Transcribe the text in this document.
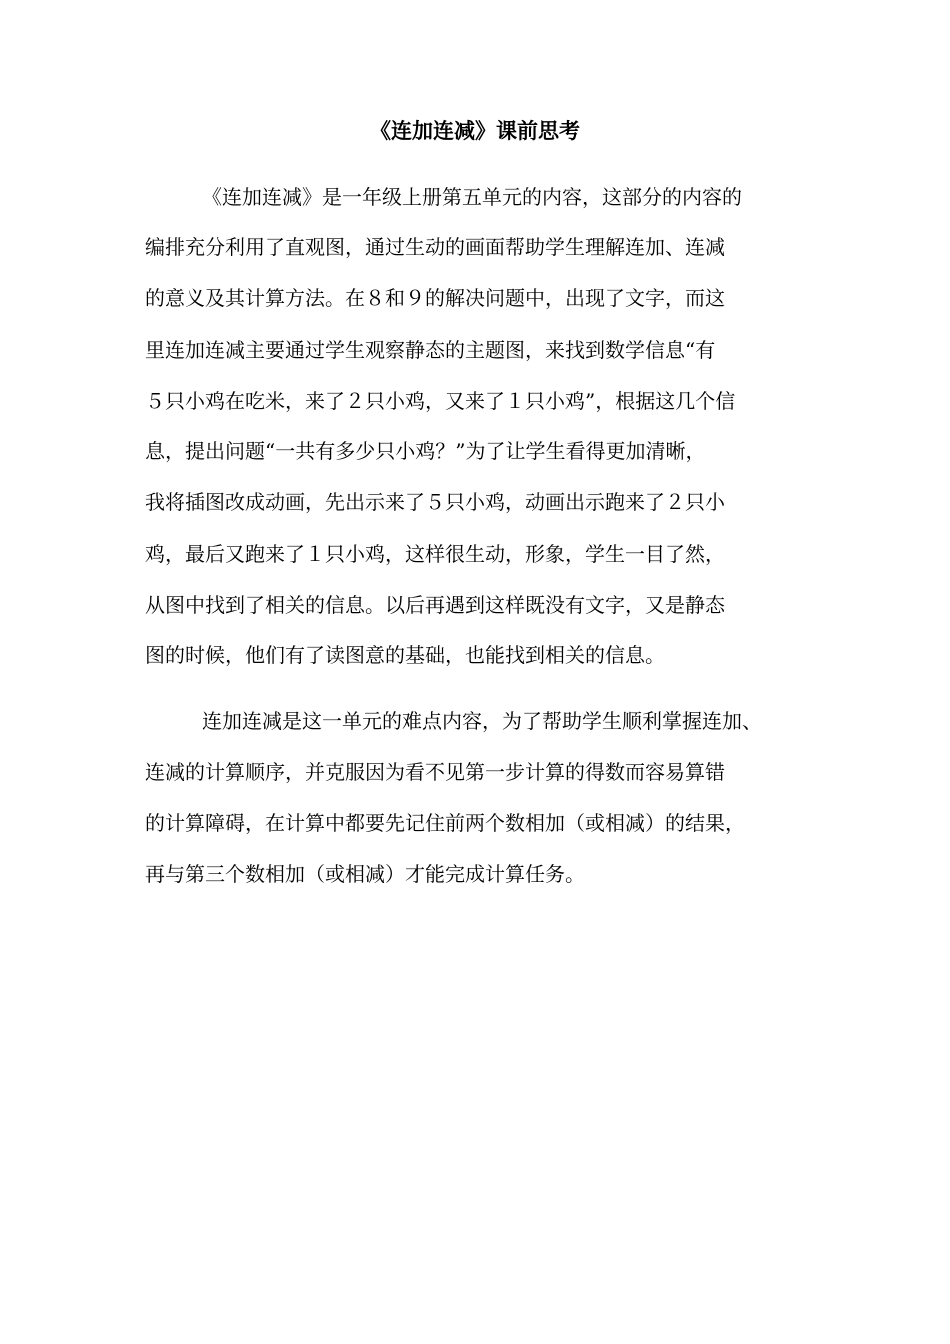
《连加连减》课前思考
《连加连减》是一年级上册第五单元的内容，这部分的内容的
编排充分利用了直观图，通过生动的画面帮助学生理解连加、连减
的意义及其计算方法。在８和９的解决问题中，出现了文字，而这
里连加连减主要通过学生观察静态的主题图，来找到数学信息“有
５只小鸡在吃米，来了２只小鸡，又来了１只小鸡”，根据这几个信
息，提出问题“一共有多少只小鸡？”为了让学生看得更加清晰，
我将插图改成动画，先出示来了５只小鸡，动画出示跑来了２只小
鸡，最后又跑来了１只小鸡，这样很生动，形象，学生一目了然，
从图中找到了相关的信息。以后再遇到这样既没有文字，又是静态
图的时候，他们有了读图意的基础，也能找到相关的信息。
连加连减是这一单元的难点内容，为了帮助学生顺利掌握连加、
连减的计算顺序，并克服因为看不见第一步计算的得数而容易算错
的计算障碍，在计算中都要先记住前两个数相加（或相减）的结果，
再与第三个数相加（或相减）才能完成计算任务。
